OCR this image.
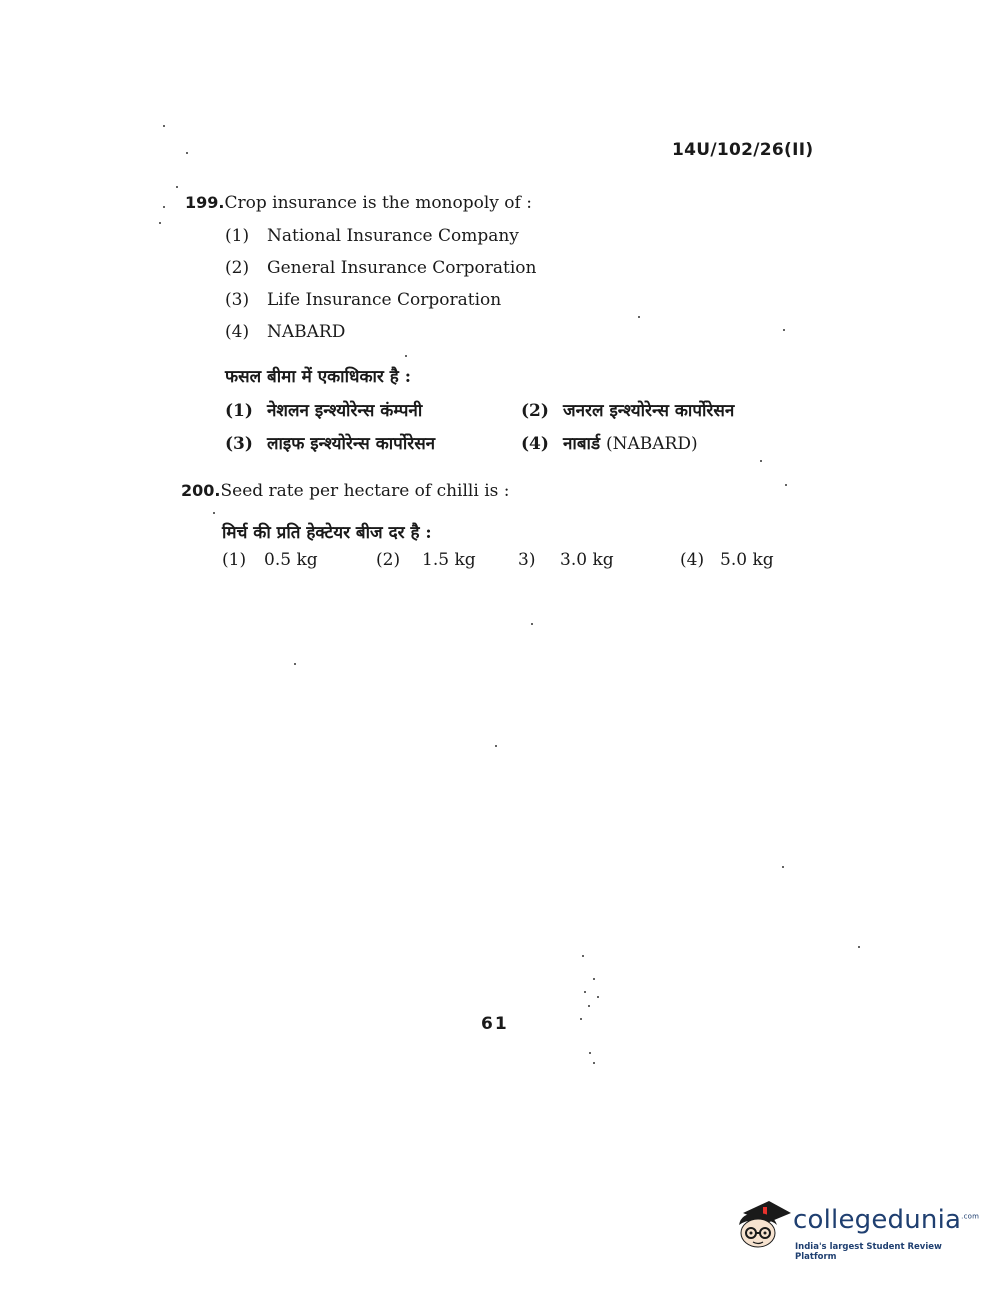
14U/102/26(II)
199.Crop insurance is the monopoly of :
(1) National Insurance Company
(2) General Insurance Corporation
(3) Life Insurance Corporation
(4) NABARD
फसल बीमा में एकाधिकार है :
(1) नेशलन इन्श्योरेन्स कंम्पनी	(2) जनरल इन्श्योरेन्स कार्पोरेसन
(3) लाइफ इन्श्योरेन्स कार्पोरेसन	(4) नाबार्ड (NABARD)
200.Seed rate per hectare of chilli is :
मिर्च की प्रति हेक्टेयर बीज दर है :
(1) 0.5 kg	(2) 1.5 kg 3) 3.0 kg	(4) 5.0 kg
61
collegedunia$^{.com}$
India's largest Student Review Platform
